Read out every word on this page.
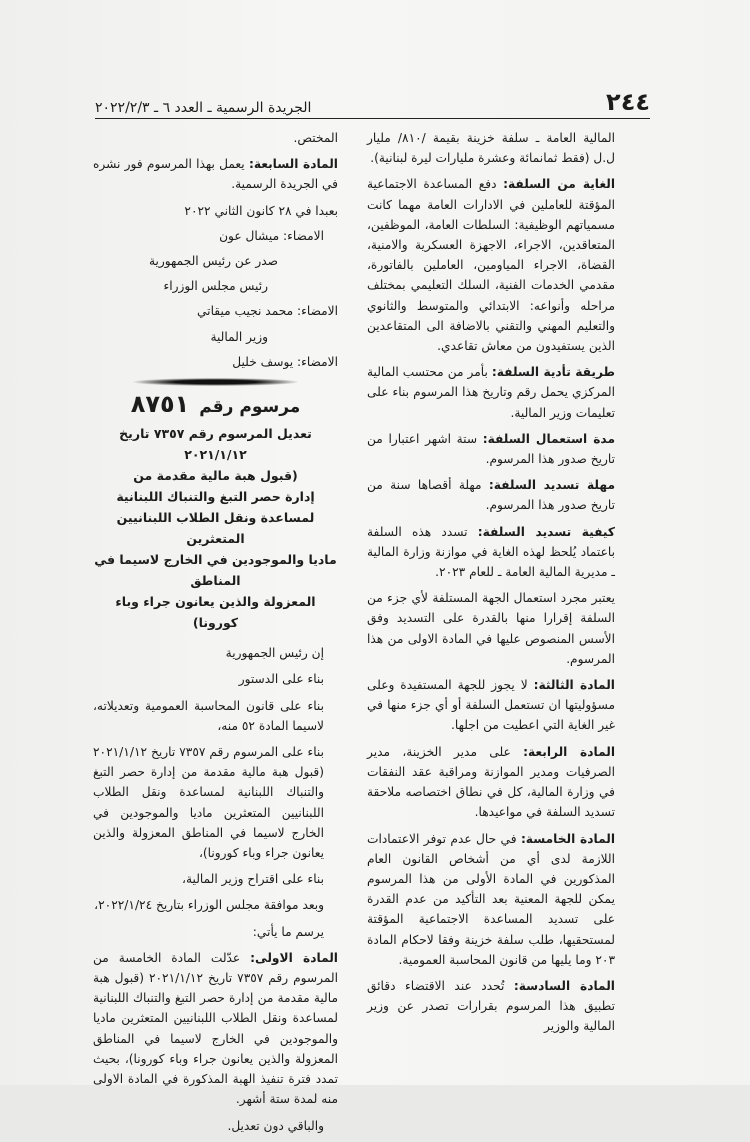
٢٤٤
الجريدة الرسمية ـ العدد ٦ ـ ٢٠٢٢/٢/٣

المالية العامة ـ سلفة خزينة بقيمة /٨١٠/ مليار ل.ل (فقط ثمانمائة وعشرة مليارات ليرة لبنانية).

الغاية من السلفة: دفع المساعدة الاجتماعية المؤقتة للعاملين في الادارات العامة مهما كانت مسمياتهم الوظيفية: السلطات العامة، الموظفين، المتعاقدين، الاجراء، الاجهزة العسكرية والامنية، القضاة، الاجراء المياومين، العاملين بالفاتورة، مقدمي الخدمات الفنية، السلك التعليمي بمختلف مراحله وأنواعه: الابتدائي والمتوسط والثانوي والتعليم المهني والتقني بالاضافة الى المتقاعدين الذين يستفيدون من معاش تقاعدي.

طريقة تأدية السلفة: بأمر من محتسب المالية المركزي يحمل رقم وتاريخ هذا المرسوم بناء على تعليمات وزير المالية.

مدة استعمال السلفة: ستة اشهر اعتبارا من تاريخ صدور هذا المرسوم.

مهلة تسديد السلفة: مهلة أقصاها سنة من تاريخ صدور هذا المرسوم.

كيفية تسديد السلفة: تسدد هذه السلفة باعتماد يُلحظ لهذه الغاية في موازنة وزارة المالية ـ مديرية المالية العامة ـ للعام ٢٠٢٣.

يعتبر مجرد استعمال الجهة المستلفة لأي جزء من السلفة إقرارا منها بالقدرة على التسديد وفق الأسس المنصوص عليها في المادة الاولى من هذا المرسوم.

المادة الثالثة: لا يجوز للجهة المستفيدة وعلى مسؤوليتها ان تستعمل السلفة أو أي جزء منها في غير الغاية التي اعطيت من اجلها.

المادة الرابعة: على مدير الخزينة، مدير الصرفيات ومدير الموازنة ومراقبة عقد النفقات في وزارة المالية، كل في نطاق اختصاصه ملاحقة تسديد السلفة في مواعيدها.

المادة الخامسة: في حال عدم توفر الاعتمادات اللازمة لدى أي من أشخاص القانون العام المذكورين في المادة الأولى من هذا المرسوم يمكن للجهة المعنية بعد التأكيد من عدم القدرة على تسديد المساعدة الاجتماعية المؤقتة لمستحقيها، طلب سلفة خزينة وفقا لاحكام المادة ٢٠٣ وما يليها من قانون المحاسبة العمومية.

المادة السادسة: تُحدد عند الاقتضاء دقائق تطبيق هذا المرسوم بقرارات تصدر عن وزير المالية والوزير

المختص.

المادة السابعة: يعمل بهذا المرسوم فور نشره في الجريدة الرسمية.

بعبدا في ٢٨ كانون الثاني ٢٠٢٢

الامضاء: ميشال عون

صدر عن رئيس الجمهورية

رئيس مجلس الوزراء

الامضاء: محمد نجيب ميقاتي

وزير المالية

الامضاء: يوسف خليل

مرسوم رقم ٨٧٥١
تعديل المرسوم رقم ٧٣٥٧ تاريخ ٢٠٢١/١/١٢
(قبول هبة مالية مقدمة من
إدارة حصر التبغ والتنباك اللبنانية
لمساعدة ونقل الطلاب اللبنانيين المتعثرين
ماديا والموجودين في الخارج لاسيما في المناطق
المعزولة والذين يعانون جراء وباء كورونا)

إن رئيس الجمهورية

بناء على الدستور

بناء على قانون المحاسبة العمومية وتعديلاته، لاسيما المادة ٥٢ منه،

بناء على المرسوم رقم ٧٣٥٧ تاريخ ٢٠٢١/١/١٢ (قبول هبة مالية مقدمة من إدارة حصر التبغ والتنباك اللبنانية لمساعدة ونقل الطلاب اللبنانيين المتعثرين ماديا والموجودين في الخارج لاسيما في المناطق المعزولة والذين يعانون جراء وباء كورونا)،

بناء على اقتراح وزير المالية،

وبعد موافقة مجلس الوزراء بتاريخ ٢٠٢٢/١/٢٤،

يرسم ما يأتي:

المادة الاولى: عدّلت المادة الخامسة من المرسوم رقم ٧٣٥٧ تاريخ ٢٠٢١/١/١٢ (قبول هبة مالية مقدمة من إدارة حصر التبغ والتنباك اللبنانية لمساعدة ونقل الطلاب اللبنانيين المتعثرين ماديا والموجودين في الخارج لاسيما في المناطق المعزولة والذين يعانون جراء وباء كورونا)، بحيث تمدد فترة تنفيذ الهبة المذكورة في المادة الاولى منه لمدة ستة أشهر.

والباقي دون تعديل.
